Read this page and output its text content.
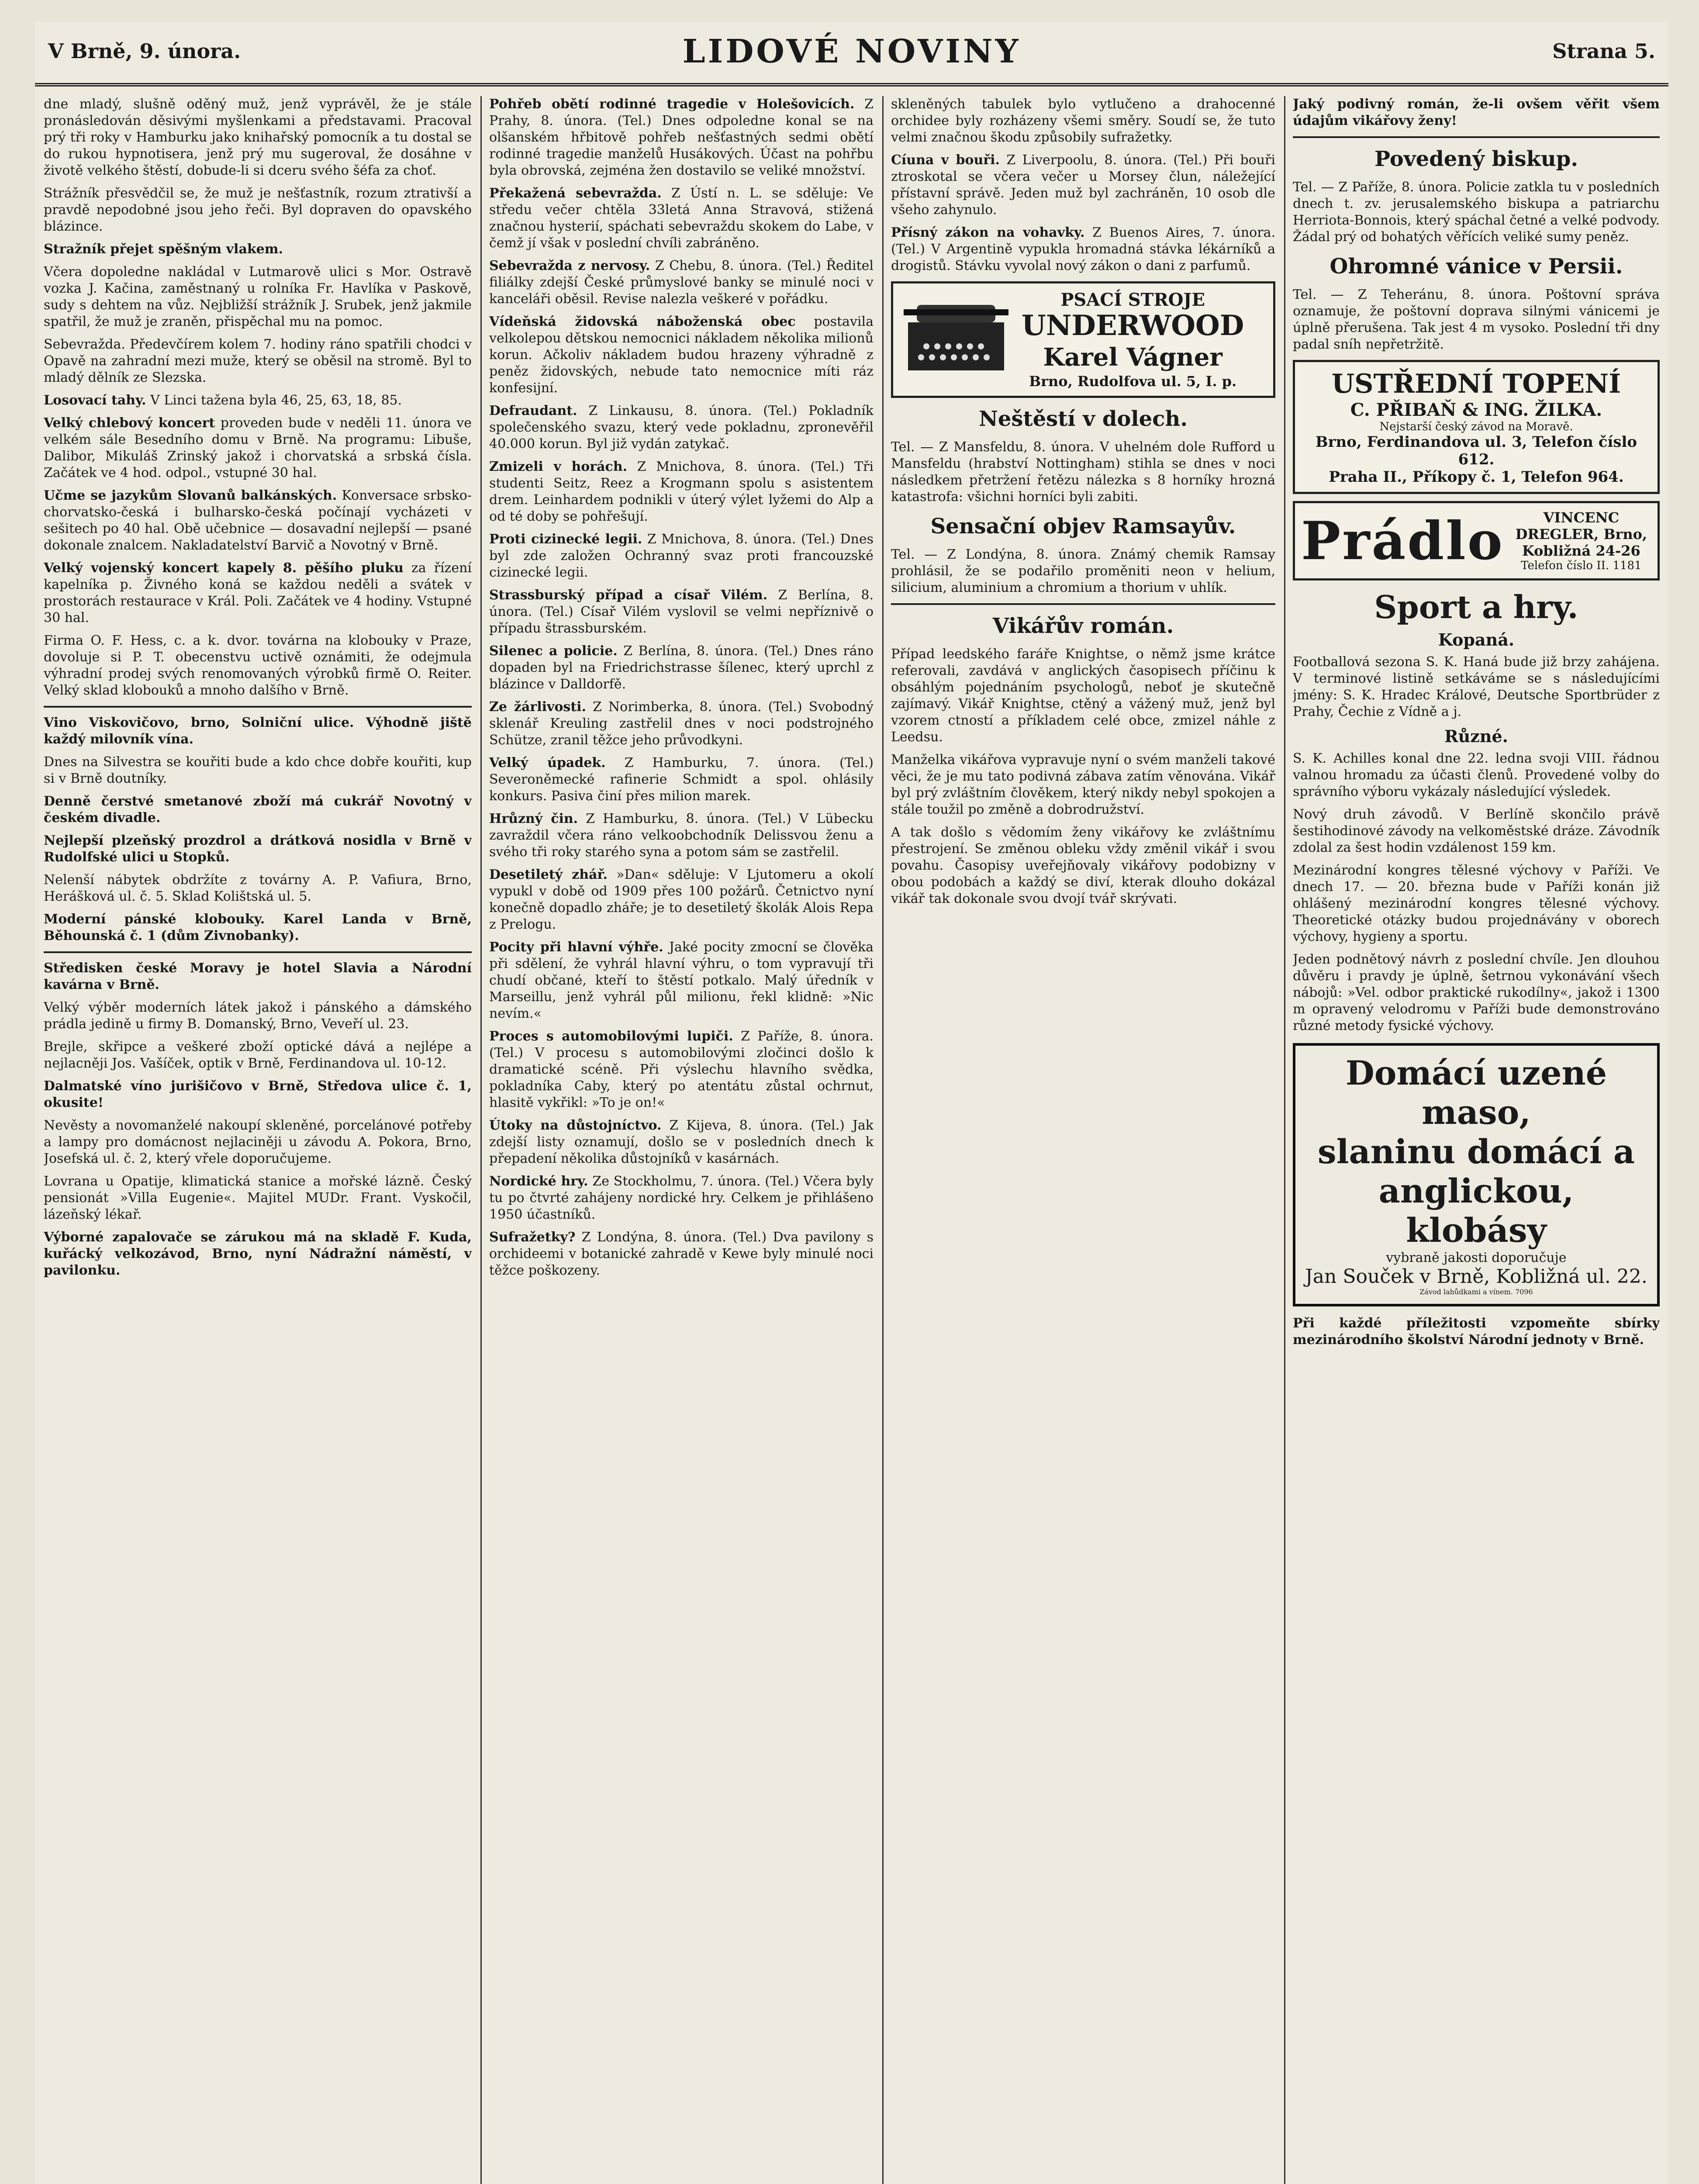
V Brně, 9. února.	LIDOVÉ NOVINY	Strana 5.

dne mladý, slušně oděný muž, jenž vyprávěl, že je stále pronásledován děsivými myšlenkami a představami. Pracoval prý tři roky v Hamburku jako knihařský pomocník a tu dostal se do rukou hypnotisera, jenž prý mu sugeroval, že dosáhne v životě velkého štěstí, dobude-li si dceru svého šéfa za choť.

Strážník přesvědčil se, že muž je nešťastník, rozum ztrativší a pravdě nepodobné jsou jeho řeči. Byl dopraven do opavského blázince.

Stražník přejet spěšným vlakem.

Včera dopoledne nakládal v Lutmarově ulici s Mor. Ostravě vozka J. Kačina, zaměstnaný u rolníka Fr. Havlíka v Paskově, sudy s dehtem na vůz. Nejbližší strážník J. Srubek, jenž jakmile spatřil, že muž je zraněn, přispěchal mu na pomoc.

Sebevražda. Předevčírem kolem 7. hodiny ráno spatřili chodci v Opavě na zahradní mezi muže, který se oběsil na stromě. Byl to mladý dělník ze Slezska.

Losovací tahy. V Linci tažena byla 46, 25, 63, 18, 85.

Velký chlebový koncert proveden bude v neděli 11. února ve velkém sále Besedního domu v Brně. Na programu: Libuše, Dalibor, Mikuláš Zrinský jakož i chorvatská a srbská čísla. Začátek ve 4 hod. odpol., vstupné 30 hal.

Učme se jazykům Slovanů balkánských. Konversace srbsko-chorvatsko-česká i bulharsko-česká počínají vycházeti v sešitech po 40 hal. Obě učebnice — dosavadní nejlepší — psané dokonale znalcem. Nakladatelství Barvič a Novotný v Brně.

Velký vojenský koncert kapely 8. pěšího pluku za řízení kapelníka p. Živného koná se každou neděli a svátek v prostorách restaurace v Král. Poli. Začátek ve 4 hodiny. Vstupné 30 hal.

Firma O. F. Hess, c. a k. dvor. továrna na klobouky v Praze, dovoluje si P. T. obecenstvu uctivě oznámiti, že odejmula výhradní prodej svých renomovaných výrobků firmě O. Reiter. Velký sklad klobouků a mnoho dalšího v Brně.

Vino Viskovičovo, brno, Solniční ulice. Výhodně jiště každý milovník vína.

Dnes na Silvestra se kouřiti bude a kdo chce dobře kouřiti, kup si v Brně doutníky.

Denně čerstvé smetanové zboží má cukrář Novotný v českém divadle.

Nejlepší plzeňský prozdrol a drátková nosidla v Brně v Rudolfské ulici u Stopků.

Nelenší nábytek obdržíte z továrny A. P. Vafiura, Brno, Herášková ul. č. 5. Sklad Kolištská ul. 5.

Moderní pánské klobouky. Karel Landa v Brně, Běhounská č. 1 (dům Zivnobanky).

Středisken české Moravy je hotel Slavia a Národní kavárna v Brně.

Velký výběr moderních látek jakož i pánského a dámského prádla jedině u firmy B. Domanský, Brno, Veveří ul. 23.

Brejle, skřipce a veškeré zboží optické dává a nejlépe a nejlacněji Jos. Vašíček, optik v Brně, Ferdinandova ul. 10-12.

Dalmatské víno jurišičovo v Brně, Středova ulice č. 1, okusite!

Nevěsty a novomanželé nakoupí skleněné, porcelánové potřeby a lampy pro domácnost nejlaciněji u závodu A. Pokora, Brno, Josefská ul. č. 2, který vřele doporučujeme.

Lovrana u Opatije, klimatická stanice a mořské lázně. Český pensionát »Villa Eugenie«. Majitel MUDr. Frant. Vyskočil, lázeňský lékař.

Výborné zapalovače se zárukou má na skladě F. Kuda, kuřácký velkozávod, Brno, nyní Nádražní náměstí, v pavilonku.

Pohřeb obětí rodinné tragedie v Holešovicích. Z Prahy, 8. února. (Tel.) Dnes odpoledne konal se na olšanském hřbitově pohřeb nešťastných sedmi obětí rodinné tragedie manželů Husákových. Účast na pohřbu byla obrovská, zejména žen dostavilo se veliké množství.

Překažená sebevražda. Z Ústí n. L. se sděluje: Ve středu večer chtěla 33letá Anna Stravová, stižená značnou hysterií, spáchati sebevraždu skokem do Labe, v čemž jí však v poslední chvíli zabráněno.

Sebevražda z nervosy. Z Chebu, 8. února. (Tel.) Ředitel filiálky zdejší České průmyslové banky se minulé noci v kanceláři oběsil. Revise nalezla veškeré v pořádku.

Vídeňská židovská náboženská obec postavila velkolepou dětskou nemocnici nákladem několika milionů korun. Ačkoliv nákladem budou hrazeny výhradně z peněz židovských, nebude tato nemocnice míti ráz konfesijní.

Defraudant. Z Linkausu, 8. února. (Tel.) Pokladník společenského svazu, který vede pokladnu, zpronevěřil 40.000 korun. Byl již vydán zatykač.

Zmizeli v horách. Z Mnichova, 8. února. (Tel.) Tři studenti Seitz, Reez a Krogmann spolu s asistentem drem. Leinhardem podnikli v úterý výlet lyžemi do Alp a od té doby se pohřešují.

Proti cizinecké legii. Z Mnichova, 8. února. (Tel.) Dnes byl zde založen Ochranný svaz proti francouzské cizinecké legii.

Strassburský případ a císař Vilém. Z Berlína, 8. února. (Tel.) Císař Vilém vyslovil se velmi nepříznivě o případu štrassburském.

Silenec a policie. Z Berlína, 8. února. (Tel.) Dnes ráno dopaden byl na Friedrichstrasse šílenec, který uprchl z blázince v Dalldorfě.

Ze žárlivosti. Z Norimberka, 8. února. (Tel.) Svobodný sklenář Kreuling zastřelil dnes v noci podstrojného Schütze, zranil těžce jeho průvodkyni.

Velký úpadek. Z Hamburku, 7. února. (Tel.) Severoněmecké rafinerie Schmidt a spol. ohlásily konkurs. Pasiva činí přes milion marek.

Hrůzný čin. Z Hamburku, 8. února. (Tel.) V Lübecku zavraždil včera ráno velkoobchodník Delissvou ženu a svého tři roky starého syna a potom sám se zastřelil.

Desetiletý zhář. »Dan« sděluje: V Ljutomeru a okolí vypukl v době od 1909 přes 100 požárů. Četnictvo nyní konečně dopadlo zháře; je to desetiletý školák Alois Repa z Prelogu.

Pocity při hlavní výhře. Jaké pocity zmocní se člověka při sdělení, že vyhrál hlavní výhru, o tom vypravují tři chudí občané, kteří to štěstí potkalo. Malý úředník v Marseillu, jenž vyhrál půl milionu, řekl klidně: »Nic nevím.«

Proces s automobilovými lupiči. Z Paříže, 8. února. (Tel.) V procesu s automobilovými zločinci došlo k dramatické scéně. Při výslechu hlavního svědka, pokladníka Caby, který po atentátu zůstal ochrnut, hlasitě vykřikl: »To je on!«

Útoky na důstojníctvo. Z Kijeva, 8. února. (Tel.) Jak zdejší listy oznamují, došlo se v posledních dnech k přepadení několika důstojníků v kasárnách.

Nordické hry. Ze Stockholmu, 7. února. (Tel.) Včera byly tu po čtvrté zahájeny nordické hry. Celkem je přihlášeno 1950 účastníků.

Sufražetky? Z Londýna, 8. února. (Tel.) Dva pavilony s orchideemi v botanické zahradě v Kewe byly minulé noci těžce poškozeny.

skleněných tabulek bylo vytlučeno a drahocenné orchidee byly rozházeny všemi směry. Soudí se, že tuto velmi značnou škodu způsobily sufražetky.

Cíuna v bouři. Z Liverpoolu, 8. února. (Tel.) Při bouři ztroskotal se včera večer u Morsey člun, náležející přístavní správě. Jeden muž byl zachráněn, 10 osob dle všeho zahynulo.

Přísný zákon na vohavky. Z Buenos Aires, 7. února. (Tel.) V Argentině vypukla hromadná stávka lékárníků a drogistů. Stávku vyvolal nový zákon o dani z parfumů.

PSACÍ STROJE
UNDERWOOD
Karel Vágner
Brno, Rudolfova ul. 5, I. p.
Neštěstí v dolech.

Tel. — Z Mansfeldu, 8. února. V uhelném dole Rufford u Mansfeldu (hrabství Nottingham) stihla se dnes v noci následkem přetržení řetězu nálezka s 8 horníky hrozná katastrofa: všichni horníci byli zabiti.

Sensační objev Ramsayův.

Tel. — Z Londýna, 8. února. Známý chemik Ramsay prohlásil, že se podařilo proměniti neon v helium, silicium, aluminium a chromium a thorium v uhlík.

Vikářův román.

Případ leedského faráře Knightse, o němž jsme krátce referovali, zavdává v anglických časopisech příčinu k obsáhlým pojednáním psychologů, neboť je skutečně zajímavý. Vikář Knightse, ctěný a vážený muž, jenž byl vzorem ctností a příkladem celé obce, zmizel náhle z Leedsu.

Manželka vikářova vypravuje nyní o svém manželi takové věci, že je mu tato podivná zábava zatím věnována. Vikář byl prý zvláštním člověkem, který nikdy nebyl spokojen a stále toužil po změně a dobrodružství.

A tak došlo s vědomím ženy vikářovy ke zvláštnímu přestrojení. Se změnou obleku vždy změnil vikář i svou povahu. Časopisy uveřejňovaly vikářovy podobizny v obou podobách a každý se diví, kterak dlouho dokázal vikář tak dokonale svou dvojí tvář skrývati.

Jaký podivný román, že-li ovšem věřit všem údajům vikářovy ženy!

Povedený biskup.

Tel. — Z Paříže, 8. února. Policie zatkla tu v posledních dnech t. zv. jerusalemského biskupa a patriarchu Herriota-Bonnois, který spáchal četné a velké podvody. Žádal prý od bohatých věřících veliké sumy peněz.

Ohromné vánice v Persii.

Tel. — Z Teheránu, 8. února. Poštovní správa oznamuje, že poštovní doprava silnými vánicemi je úplně přerušena. Tak jest 4 m vysoko. Poslední tři dny padal sníh nepřetržitě.

USTŘEDNÍ TOPENÍ
C. PŘIBAŇ & ING. ŽILKA.
Nejstarší český závod na Moravě.
Brno, Ferdinandova ul. 3, Telefon číslo 612.
Praha II., Příkopy č. 1, Telefon 964.
Prádlo	VINCENC DREGLER, Brno, Kobližná 24-26
Telefon číslo II. 1181
Sport a hry.
Kopaná.

Footballová sezona S. K. Haná bude již brzy zahájena. V terminové listině setkáváme se s následujícími jmény: S. K. Hradec Králové, Deutsche Sportbrüder z Prahy, Čechie z Vídně a j.

Různé.

S. K. Achilles konal dne 22. ledna svoji VIII. řádnou valnou hromadu za účasti členů. Provedené volby do správního výboru vykázaly následující výsledek.

Nový druh závodů. V Berlíně skončilo právě šestihodinové závody na velkoměstské dráze. Závodník zdolal za šest hodin vzdálenost 159 km.

Mezinárodní kongres tělesné výchovy v Paříži. Ve dnech 17. — 20. března bude v Paříži konán již ohlášený mezinárodní kongres tělesné výchovy. Theoretické otázky budou projednávány v oborech výchovy, hygieny a sportu.

Jeden podnětový návrh z poslední chvíle. Jen dlouhou důvěru i pravdy je úplně, šetrnou vykonávání všech nábojů: »Vel. odbor praktické rukodílny«, jakož i 1300 m opravený velodromu v Paříži bude demonstrováno různé metody fysické výchovy.

Domácí uzené maso,
slaninu domácí a
anglickou, klobásy
vybraně jakosti doporučuje
Jan Souček v Brně, Kobližná ul. 22.
Závod lahůdkami a vínem. 7096

Při každé příležitosti vzpomeňte sbírky mezinárodního školství Národní jednoty v Brně.
